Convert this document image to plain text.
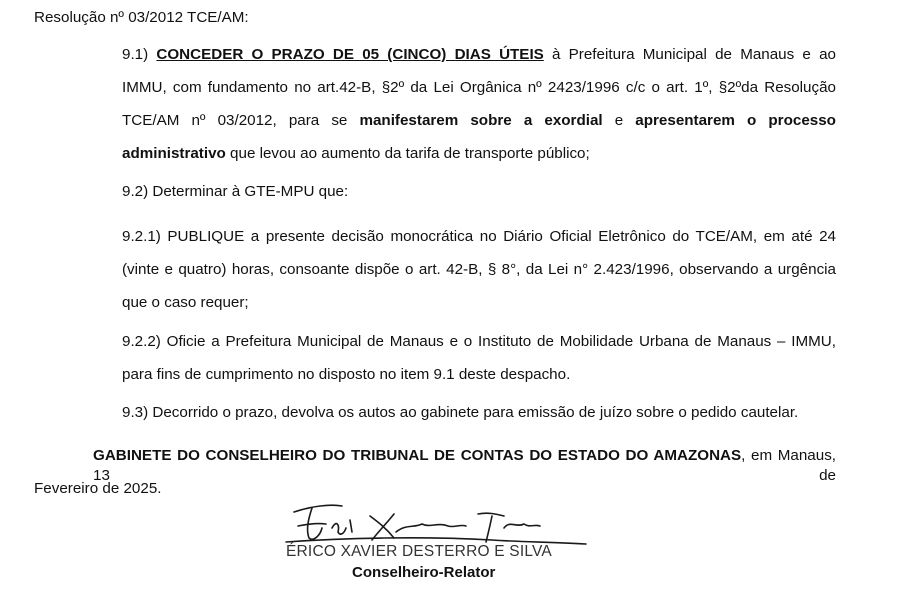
Resolução nº 03/2012 TCE/AM:
9.1) CONCEDER O PRAZO DE 05 (CINCO) DIAS ÚTEIS à Prefeitura Municipal de Manaus e ao
IMMU, com fundamento no art.42-B, §2º da Lei Orgânica nº 2423/1996 c/c o art. 1º, §2ºda Resolução
TCE/AM nº 03/2012, para se manifestarem sobre a exordial e apresentarem o processo
administrativo que levou ao aumento da tarifa de transporte público;
9.2) Determinar à GTE-MPU que:
9.2.1) PUBLIQUE a presente decisão monocrática no Diário Oficial Eletrônico do TCE/AM, em até 24
(vinte e quatro) horas, consoante dispõe o art. 42-B, § 8°, da Lei n° 2.423/1996, observando a urgência
que o caso requer;
9.2.2) Oficie a Prefeitura Municipal de Manaus e o Instituto de Mobilidade Urbana de Manaus – IMMU,
para fins de cumprimento no disposto no item 9.1 deste despacho.
9.3) Decorrido o prazo, devolva os autos ao gabinete para emissão de juízo sobre o pedido cautelar.
GABINETE DO CONSELHEIRO DO TRIBUNAL DE CONTAS DO ESTADO DO AMAZONAS, em Manaus, 13 de
Fevereiro de 2025.
ÉRICO XAVIER DESTERRO E SILVA
Conselheiro-Relator
